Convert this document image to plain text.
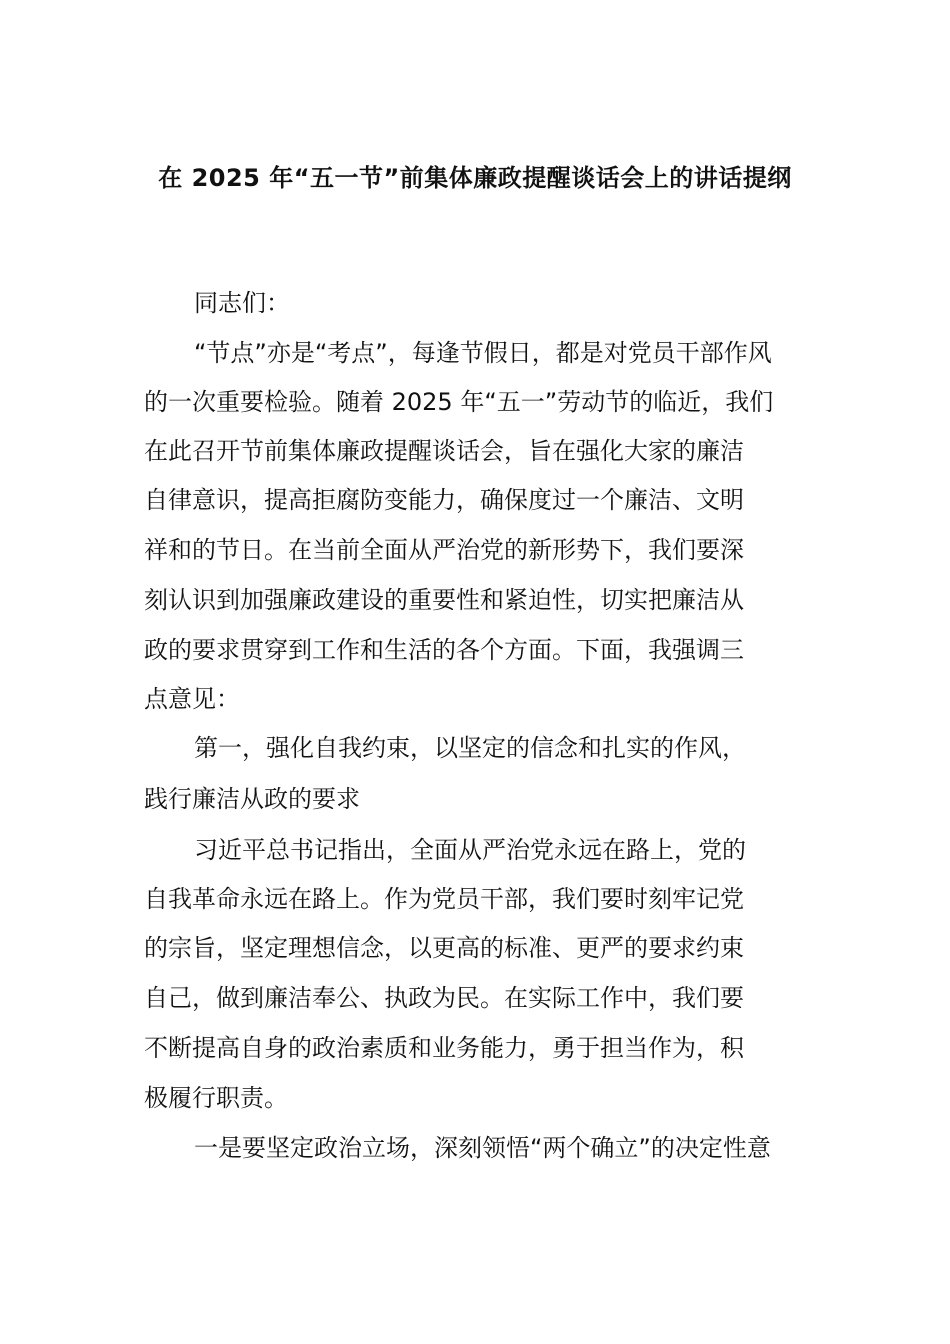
在 2025 年“五一节”前集体廉政提醒谈话会上的讲话提纲
同志们：
“节点”亦是“考点”，每逢节假日，都是对党员干部作风
的一次重要检验。随着 2025 年“五一”劳动节的临近，我们
在此召开节前集体廉政提醒谈话会，旨在强化大家的廉洁
自律意识，提高拒腐防变能力，确保度过一个廉洁、文明
祥和的节日。在当前全面从严治党的新形势下，我们要深
刻认识到加强廉政建设的重要性和紧迫性，切实把廉洁从
政的要求贯穿到工作和生活的各个方面。下面，我强调三
点意见：
第一，强化自我约束，以坚定的信念和扎实的作风，
践行廉洁从政的要求
习近平总书记指出，全面从严治党永远在路上，党的
自我革命永远在路上。作为党员干部，我们要时刻牢记党
的宗旨，坚定理想信念，以更高的标准、更严的要求约束
自己，做到廉洁奉公、执政为民。在实际工作中，我们要
不断提高自身的政治素质和业务能力，勇于担当作为，积
极履行职责。
一是要坚定政治立场，深刻领悟“两个确立”的决定性意
